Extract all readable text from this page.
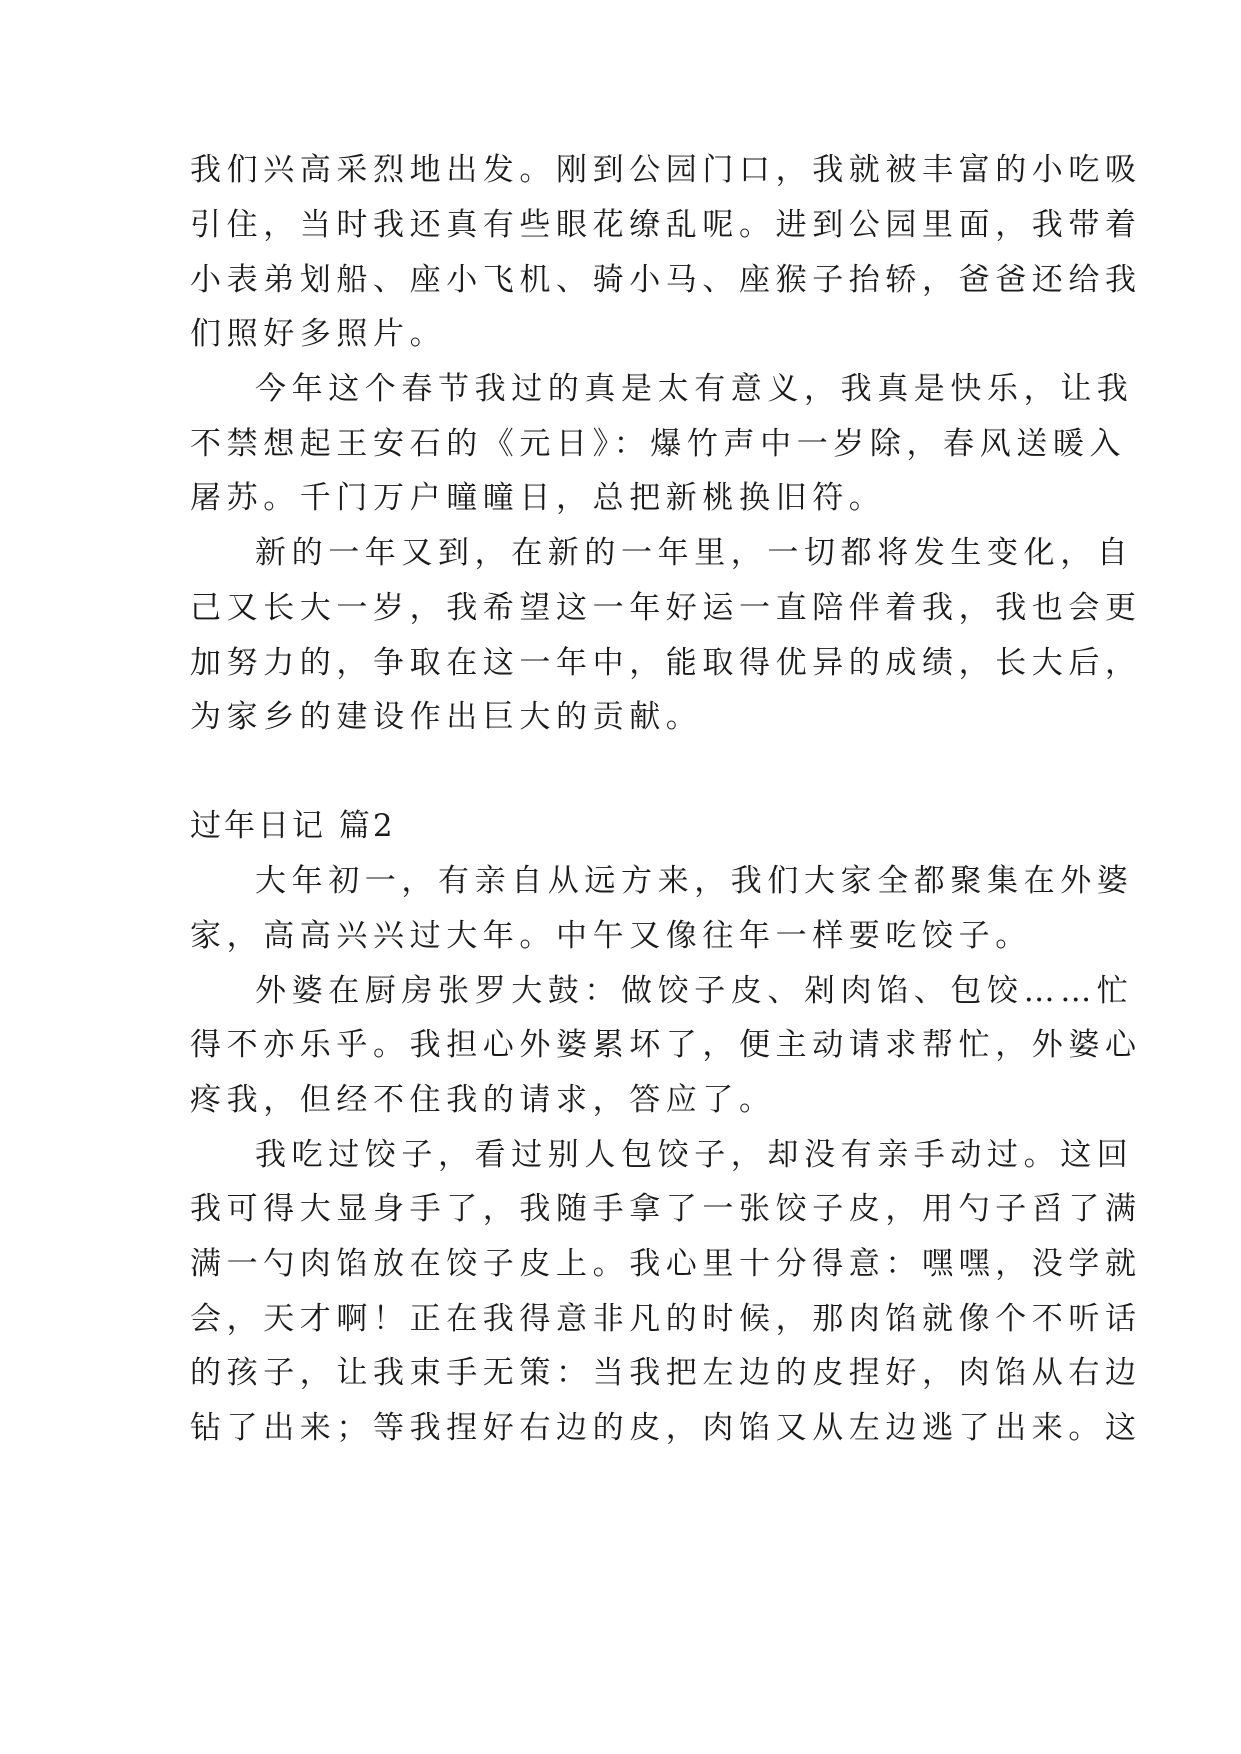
我们兴高采烈地出发。刚到公园门口，我就被丰富的小吃吸
引住，当时我还真有些眼花缭乱呢。进到公园里面，我带着
小表弟划船、座小飞机、骑小马、座猴子抬轿，爸爸还给我
们照好多照片。
今年这个春节我过的真是太有意义，我真是快乐，让我
不禁想起王安石的《元日》：爆竹声中一岁除，春风送暖入
屠苏。千门万户曈曈日，总把新桃换旧符。
新的一年又到，在新的一年里，一切都将发生变化，自
己又长大一岁，我希望这一年好运一直陪伴着我，我也会更
加努力的，争取在这一年中，能取得优异的成绩，长大后，
为家乡的建设作出巨大的贡献。
过年日记 篇2
大年初一，有亲自从远方来，我们大家全都聚集在外婆
家，高高兴兴过大年。中午又像往年一样要吃饺子。
外婆在厨房张罗大鼓：做饺子皮、剁肉馅、包饺……忙
得不亦乐乎。我担心外婆累坏了，便主动请求帮忙，外婆心
疼我，但经不住我的请求，答应了。
我吃过饺子，看过别人包饺子，却没有亲手动过。这回
我可得大显身手了，我随手拿了一张饺子皮，用勺子舀了满
满一勺肉馅放在饺子皮上。我心里十分得意：嘿嘿，没学就
会，天才啊！正在我得意非凡的时候，那肉馅就像个不听话
的孩子，让我束手无策：当我把左边的皮捏好，肉馅从右边
钻了出来；等我捏好右边的皮，肉馅又从左边逃了出来。这
